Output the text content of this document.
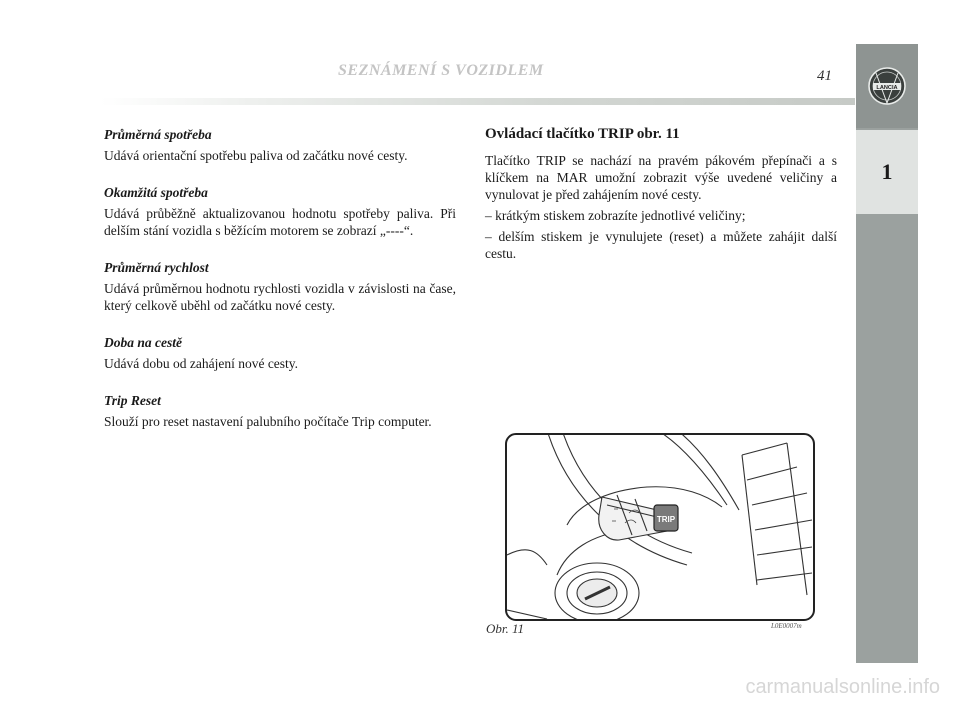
SEZNÁMENÍ S VOZIDLEM	41
LANCIA
1
Průměrná spotřeba
Udává orientační spotřebu paliva od začátku nové cesty.
Okamžitá spotřeba
Udává průběžně aktualizovanou hodnotu spotřeby paliva. Při delším stání vozidla s běžícím motorem se zobrazí „----“.
Průměrná rychlost
Udává průměrnou hodnotu rychlosti vozidla v závislosti na čase, který celkově uběhl od začátku nové cesty.
Doba na cestě
Udává dobu od zahájení nové cesty.
Trip Reset
Slouží pro reset nastavení palubního počítače Trip computer.
Ovládací tlačítko TRIP obr. 11

Tlačítko TRIP se nachází na pravém pákovém přepínači a s klíčkem na MAR umožní zobrazit výše uvedené veličiny a vynulovat je před zahájením nové cesty.

– krátkým stiskem zobrazíte jednotlivé veličiny;

– delším stiskem je vynulujete (reset) a můžete zahájit další cestu.

TRIP
Obr. 11	L0E0007m
carmanualsonline.info
